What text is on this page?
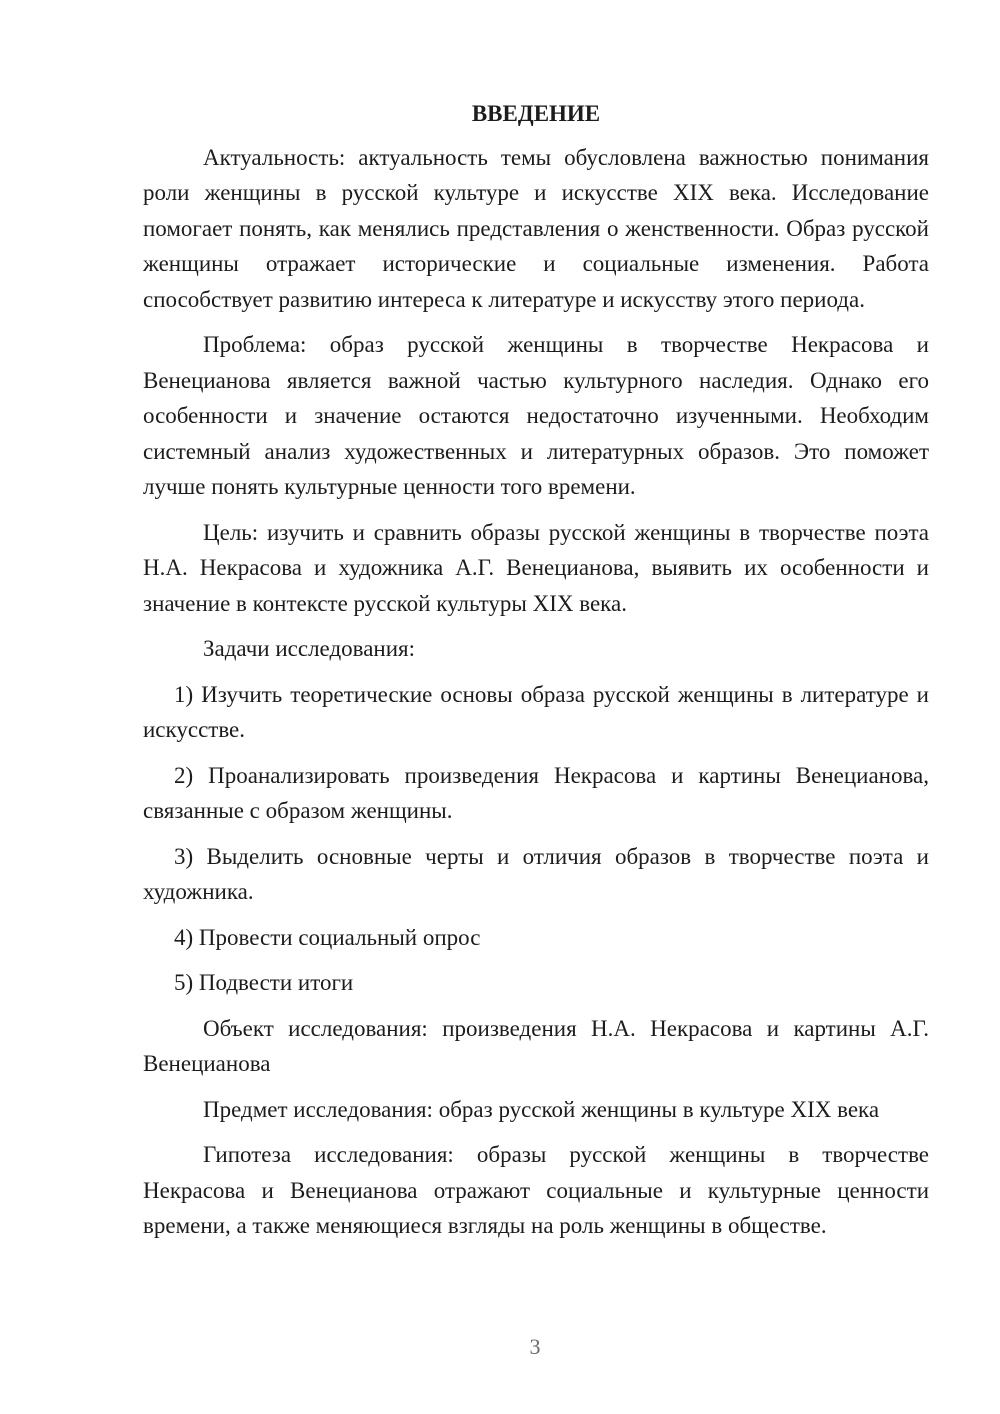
ВВЕДЕНИЕ

Актуальность: актуальность темы обусловлена важностью понимания роли женщины в русской культуре и искусстве XIX века. Исследование помогает понять, как менялись представления о женственности. Образ русской женщины отражает исторические и социальные изменения. Работа способствует развитию интереса к литературе и искусству этого периода.

Проблема: образ русской женщины в творчестве Некрасова и Венецианова является важной частью культурного наследия. Однако его особенности и значение остаются недостаточно изученными. Необходим системный анализ художественных и литературных образов. Это поможет лучше понять культурные ценности того времени.

Цель: изучить и сравнить образы русской женщины в творчестве поэта Н.А. Некрасова и художника А.Г. Венецианова, выявить их особенности и значение в контексте русской культуры XIX века.

Задачи исследования:

1) Изучить теоретические основы образа русской женщины в литературе и искусстве.

2) Проанализировать произведения Некрасова и картины Венецианова, связанные с образом женщины.

3) Выделить основные черты и отличия образов в творчестве поэта и художника.

4) Провести социальный опрос

5) Подвести итоги

Объект исследования: произведения Н.А. Некрасова и картины А.Г. Венецианова

Предмет исследования: образ русской женщины в культуре XIX века

Гипотеза исследования: образы русской женщины в творчестве Некрасова и Венецианова отражают социальные и культурные ценности времени, а также меняющиеся взгляды на роль женщины в обществе.

3
